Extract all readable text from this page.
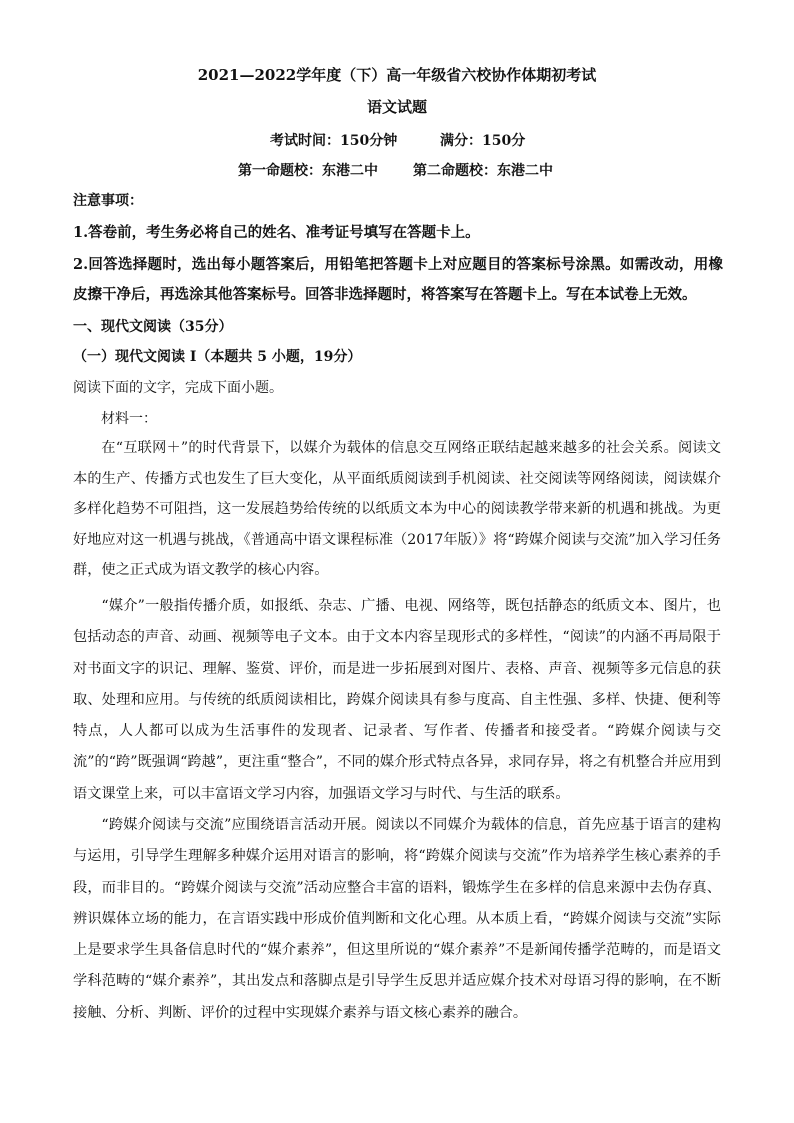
2021—2022学年度（下）高一年级省六校协作体期初考试
语文试题
考试时间：150分钟	满分：150分
第一命题校：东港二中	第二命题校：东港二中
注意事项：
1.答卷前，考生务必将自己的姓名、准考证号填写在答题卡上。
2.回答选择题时，选出每小题答案后，用铅笔把答题卡上对应题目的答案标号涂黑。如需改动，用橡皮擦干净后，再选涂其他答案标号。回答非选择题时，将答案写在答题卡上。写在本试卷上无效。
一、现代文阅读（35分）
（一）现代文阅读 I（本题共 5 小题，19分）
阅读下面的文字，完成下面小题。
材料一：
在“互联网＋”的时代背景下，以媒介为载体的信息交互网络正联结起越来越多的社会关系。阅读文本的生产、传播方式也发生了巨大变化，从平面纸质阅读到手机阅读、社交阅读等网络阅读，阅读媒介多样化趋势不可阻挡，这一发展趋势给传统的以纸质文本为中心的阅读教学带来新的机遇和挑战。为更好地应对这一机遇与挑战，《普通高中语文课程标准（2017年版）》将“跨媒介阅读与交流”加入学习任务群，使之正式成为语文教学的核心内容。
“媒介”一般指传播介质，如报纸、杂志、广播、电视、网络等，既包括静态的纸质文本、图片，也包括动态的声音、动画、视频等电子文本。由于文本内容呈现形式的多样性，“阅读”的内涵不再局限于对书面文字的识记、理解、鉴赏、评价，而是进一步拓展到对图片、表格、声音、视频等多元信息的获取、处理和应用。与传统的纸质阅读相比，跨媒介阅读具有参与度高、自主性强、多样、快捷、便利等特点，人人都可以成为生活事件的发现者、记录者、写作者、传播者和接受者。“跨媒介阅读与交流”的“跨”既强调“跨越”，更注重“整合”，不同的媒介形式特点各异，求同存异，将之有机整合并应用到语文课堂上来，可以丰富语文学习内容，加强语文学习与时代、与生活的联系。
“跨媒介阅读与交流”应围绕语言活动开展。阅读以不同媒介为载体的信息，首先应基于语言的建构与运用，引导学生理解多种媒介运用对语言的影响，将“跨媒介阅读与交流”作为培养学生核心素养的手段，而非目的。“跨媒介阅读与交流”活动应整合丰富的语料，锻炼学生在多样的信息来源中去伪存真、辨识媒体立场的能力，在言语实践中形成价值判断和文化心理。从本质上看，“跨媒介阅读与交流”实际上是要求学生具备信息时代的“媒介素养”，但这里所说的“媒介素养”不是新闻传播学范畴的，而是语文学科范畴的“媒介素养”，其出发点和落脚点是引导学生反思并适应媒介技术对母语习得的影响，在不断接触、分析、判断、评价的过程中实现媒介素养与语文核心素养的融合。
